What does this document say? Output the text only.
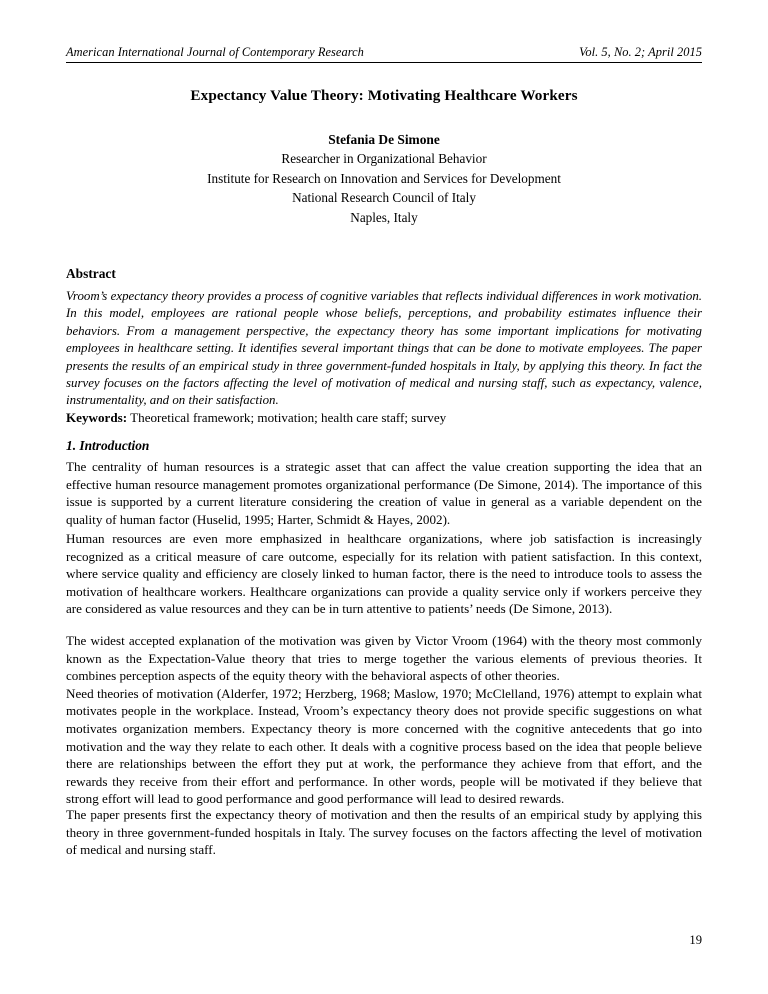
American International Journal of Contemporary Research	Vol. 5, No. 2; April 2015
Expectancy Value Theory: Motivating Healthcare Workers
Stefania De Simone
Researcher in Organizational Behavior
Institute for Research on Innovation and Services for Development
National Research Council of Italy
Naples, Italy
Abstract

Vroom’s expectancy theory provides a process of cognitive variables that reflects individual differences in work motivation. In this model, employees are rational people whose beliefs, perceptions, and probability estimates influence their behaviors. From a management perspective, the expectancy theory has some important implications for motivating employees in healthcare setting. It identifies several important things that can be done to motivate employees. The paper presents the results of an empirical study in three government-funded hospitals in Italy, by applying this theory. In fact the survey focuses on the factors affecting the level of motivation of medical and nursing staff, such as expectancy, valence, instrumentality, and on their satisfaction.

Keywords: Theoretical framework; motivation; health care staff; survey

1. Introduction

The centrality of human resources is a strategic asset that can affect the value creation supporting the idea that an effective human resource management promotes organizational performance (De Simone, 2014). The importance of this issue is supported by a current literature considering the creation of value in general as a variable dependent on the quality of human factor (Huselid, 1995; Harter, Schmidt & Hayes, 2002).

Human resources are even more emphasized in healthcare organizations, where job satisfaction is increasingly recognized as a critical measure of care outcome, especially for its relation with patient satisfaction. In this context, where service quality and efficiency are closely linked to human factor, there is the need to introduce tools to assess the motivation of healthcare workers. Healthcare organizations can provide a quality service only if workers perceive they are considered as value resources and they can be in turn attentive to patients’ needs (De Simone, 2013).

The widest accepted explanation of the motivation was given by Victor Vroom (1964) with the theory most commonly known as the Expectation-Value theory that tries to merge together the various elements of previous theories. It combines perception aspects of the equity theory with the behavioral aspects of other theories.

Need theories of motivation (Alderfer, 1972; Herzberg, 1968; Maslow, 1970; McClelland, 1976) attempt to explain what motivates people in the workplace. Instead, Vroom’s expectancy theory does not provide specific suggestions on what motivates organization members. Expectancy theory is more concerned with the cognitive antecedents that go into motivation and the way they relate to each other. It deals with a cognitive process based on the idea that people believe there are relationships between the effort they put at work, the performance they achieve from that effort, and the rewards they receive from their effort and performance. In other words, people will be motivated if they believe that strong effort will lead to good performance and good performance will lead to desired rewards.

The paper presents first the expectancy theory of motivation and then the results of an empirical study by applying this theory in three government-funded hospitals in Italy. The survey focuses on the factors affecting the level of motivation of medical and nursing staff.

19
